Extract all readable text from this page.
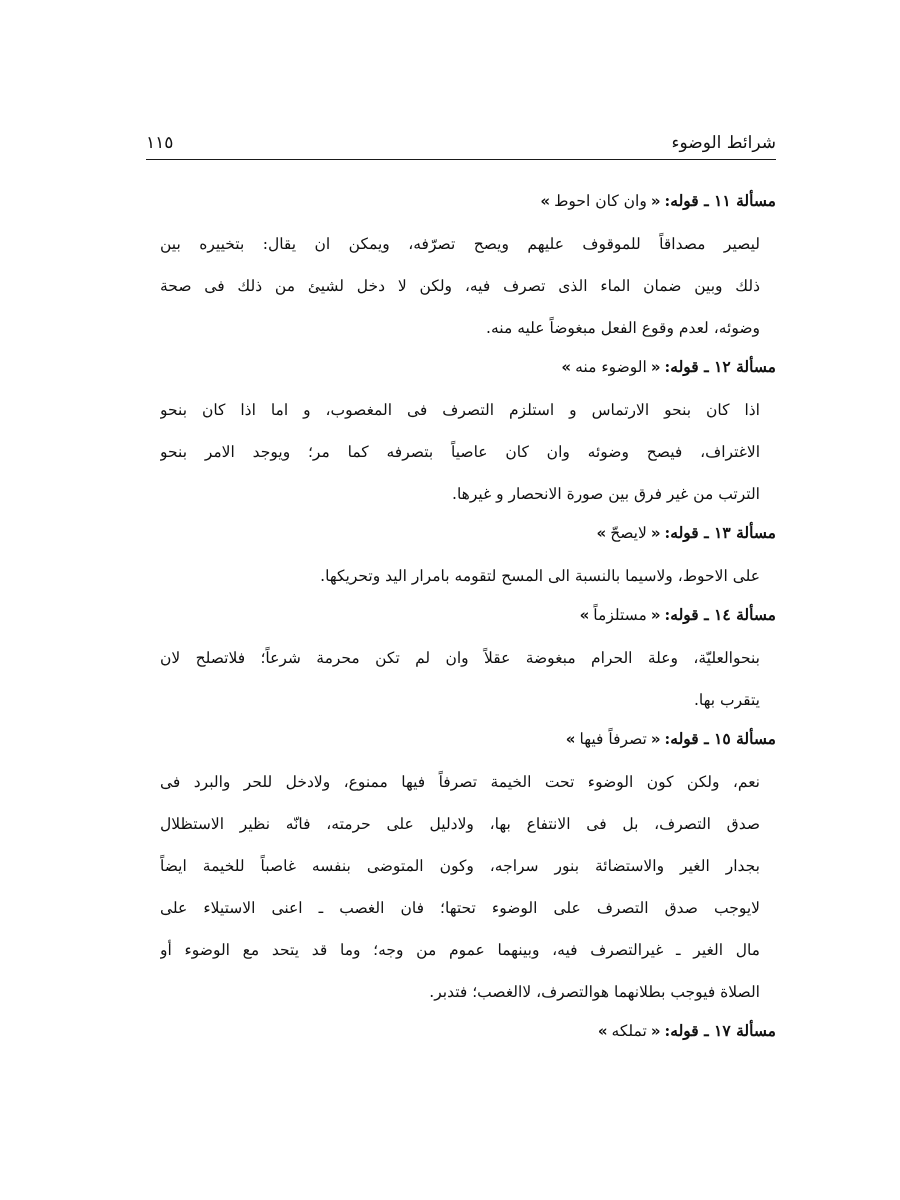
شرائط الوضوء
١١٥
مسألة ١١ ـ قوله:«وان كان احوط»
ليصير مصداقاً للموقوف عليهم ويصح تصرّفه، ويمكن ان يقال: بتخييره بين
ذلك وبين ضمان الماء الذى تصرف فيه، ولكن لا دخل لشيئ من ذلك فى صحة
وضوئه، لعدم وقوع الفعل مبغوضاً عليه منه.
مسألة ١٢ ـ قوله:«الوضوء منه»
اذا كان بنحو الارتماس و استلزم التصرف فى المغصوب، و اما اذا كان بنحو
الاغتراف، فيصح وضوئه وان كان عاصياً بتصرفه كما مر؛ ويوجد الامر بنحو
الترتب من غير فرق بين صورة الانحصار و غيرها.
مسألة ١٣ ـ قوله:«لايصحّ»
على الاحوط، ولاسيما بالنسبة الى المسح لتقومه بامرار اليد وتحريكها.
مسألة ١٤ ـ قوله:«مستلزماً»
بنحوالعليّة، وعلة الحرام مبغوضة عقلاً وان لم تكن محرمة شرعاً؛ فلاتصلح لان
يتقرب بها.
مسألة ١٥ ـ قوله:«تصرفاً فيها»
نعم، ولكن كون الوضوء تحت الخيمة تصرفاً فيها ممنوع، ولادخل للحر والبرد فى
صدق التصرف، بل فى الانتفاع بها، ولادليل على حرمته، فانّه نظير الاستظلال
بجدار الغير والاستضائة بنور سراجه، وكون المتوضى بنفسه غاصباً للخيمة ايضاً
لايوجب صدق التصرف على الوضوء تحتها؛ فان الغصب ـ اعنى الاستيلاء على
مال الغير ـ غيرالتصرف فيه، وبينهما عموم من وجه؛ وما قد يتحد مع الوضوء أو
الصلاة فيوجب بطلانهما هوالتصرف، لاالغصب؛ فتدبر.
مسألة ١٧ ـ قوله:«تملكه»
